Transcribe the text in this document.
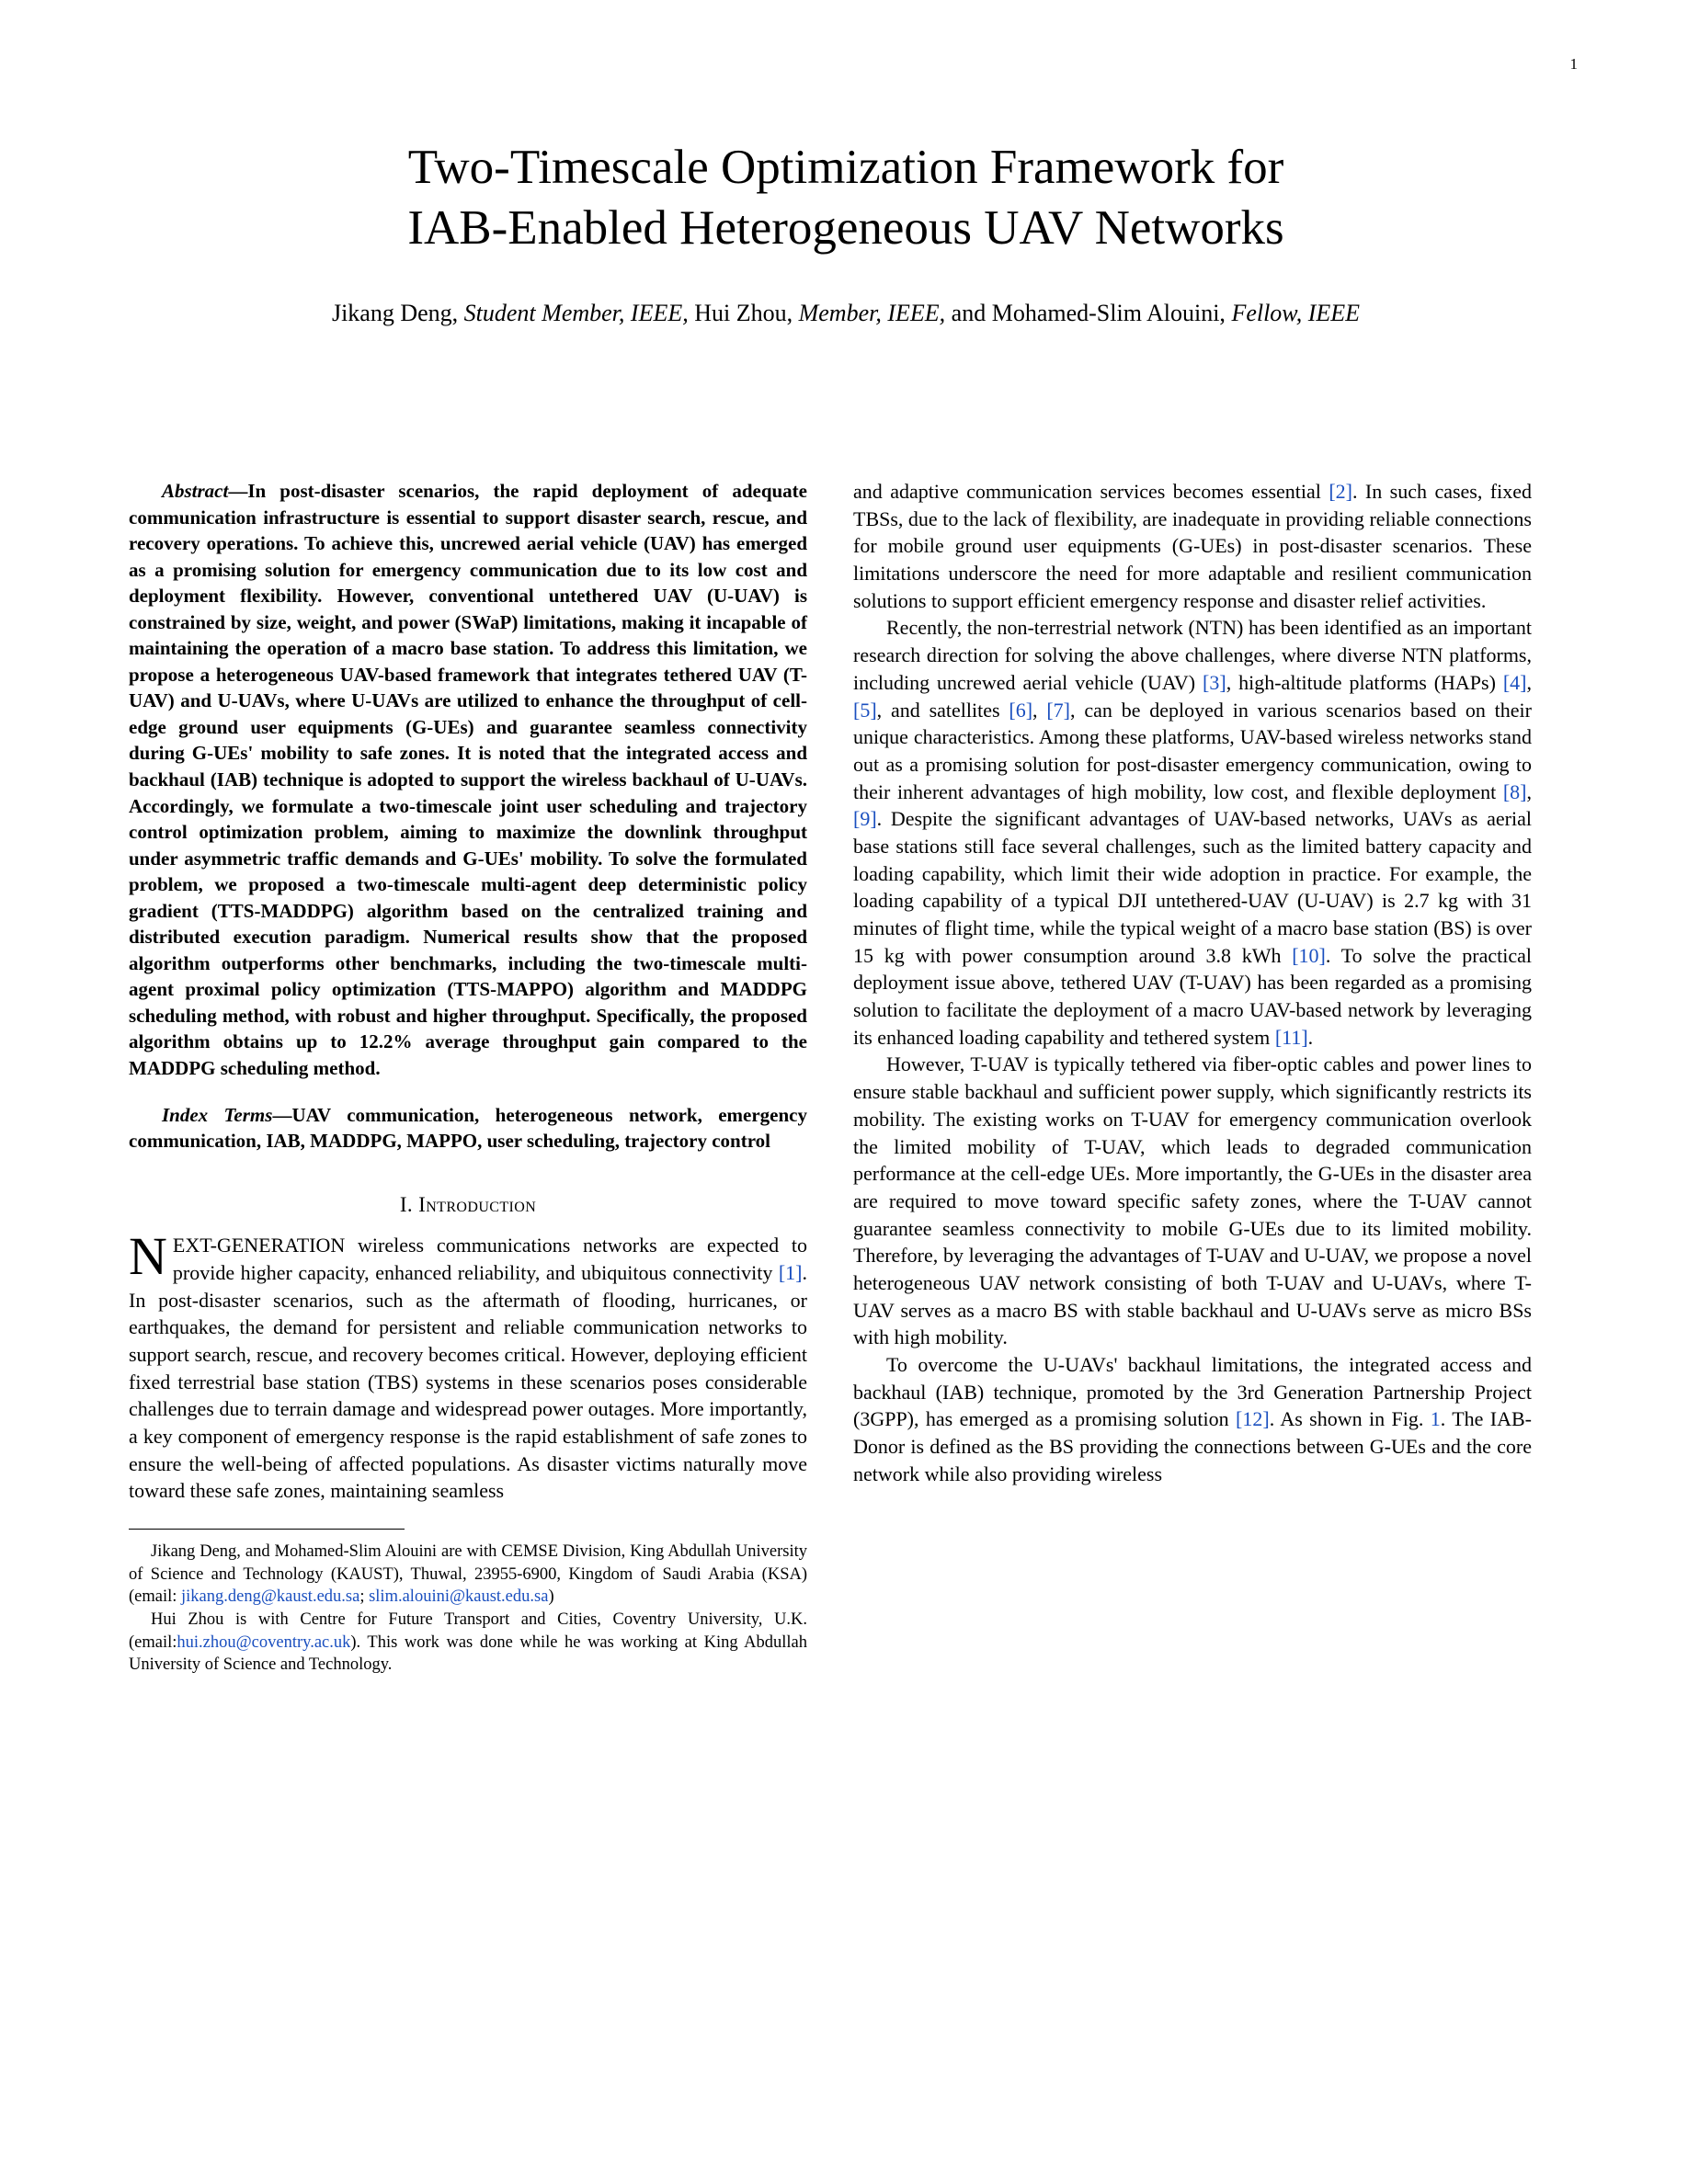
1
Two-Timescale Optimization Framework for
IAB-Enabled Heterogeneous UAV Networks
Jikang Deng, Student Member, IEEE, Hui Zhou, Member, IEEE, and Mohamed-Slim Alouini, Fellow, IEEE
Abstract—In post-disaster scenarios, the rapid deployment of adequate communication infrastructure is essential to support disaster search, rescue, and recovery operations. To achieve this, uncrewed aerial vehicle (UAV) has emerged as a promising solution for emergency communication due to its low cost and deployment flexibility. However, conventional untethered UAV (U-UAV) is constrained by size, weight, and power (SWaP) limitations, making it incapable of maintaining the operation of a macro base station. To address this limitation, we propose a heterogeneous UAV-based framework that integrates tethered UAV (T-UAV) and U-UAVs, where U-UAVs are utilized to enhance the throughput of cell-edge ground user equipments (G-UEs) and guarantee seamless connectivity during G-UEs' mobility to safe zones. It is noted that the integrated access and backhaul (IAB) technique is adopted to support the wireless backhaul of U-UAVs. Accordingly, we formulate a two-timescale joint user scheduling and trajectory control optimization problem, aiming to maximize the downlink throughput under asymmetric traffic demands and G-UEs' mobility. To solve the formulated problem, we proposed a two-timescale multi-agent deep deterministic policy gradient (TTS-MADDPG) algorithm based on the centralized training and distributed execution paradigm. Numerical results show that the proposed algorithm outperforms other benchmarks, including the two-timescale multi-agent proximal policy optimization (TTS-MAPPO) algorithm and MADDPG scheduling method, with robust and higher throughput. Specifically, the proposed algorithm obtains up to 12.2% average throughput gain compared to the MADDPG scheduling method.
Index Terms—UAV communication, heterogeneous network, emergency communication, IAB, MADDPG, MAPPO, user scheduling, trajectory control
I. Introduction

NEXT-GENERATION wireless communications networks are expected to provide higher capacity, enhanced reliability, and ubiquitous connectivity [1]. In post-disaster scenarios, such as the aftermath of flooding, hurricanes, or earthquakes, the demand for persistent and reliable communication networks to support search, rescue, and recovery becomes critical. However, deploying efficient fixed terrestrial base station (TBS) systems in these scenarios poses considerable challenges due to terrain damage and widespread power outages. More importantly, a key component of emergency response is the rapid establishment of safe zones to ensure the well-being of affected populations. As disaster victims naturally move toward these safe zones, maintaining seamless

Jikang Deng, and Mohamed-Slim Alouini are with CEMSE Division, King Abdullah University of Science and Technology (KAUST), Thuwal, 23955-6900, Kingdom of Saudi Arabia (KSA) (email: jikang.deng@kaust.edu.sa; slim.alouini@kaust.edu.sa)

Hui Zhou is with Centre for Future Transport and Cities, Coventry University, U.K. (email:hui.zhou@coventry.ac.uk). This work was done while he was working at King Abdullah University of Science and Technology.

and adaptive communication services becomes essential [2]. In such cases, fixed TBSs, due to the lack of flexibility, are inadequate in providing reliable connections for mobile ground user equipments (G-UEs) in post-disaster scenarios. These limitations underscore the need for more adaptable and resilient communication solutions to support efficient emergency response and disaster relief activities.

Recently, the non-terrestrial network (NTN) has been identified as an important research direction for solving the above challenges, where diverse NTN platforms, including uncrewed aerial vehicle (UAV) [3], high-altitude platforms (HAPs) [4], [5], and satellites [6], [7], can be deployed in various scenarios based on their unique characteristics. Among these platforms, UAV-based wireless networks stand out as a promising solution for post-disaster emergency communication, owing to their inherent advantages of high mobility, low cost, and flexible deployment [8], [9]. Despite the significant advantages of UAV-based networks, UAVs as aerial base stations still face several challenges, such as the limited battery capacity and loading capability, which limit their wide adoption in practice. For example, the loading capability of a typical DJI untethered-UAV (U-UAV) is 2.7 kg with 31 minutes of flight time, while the typical weight of a macro base station (BS) is over 15 kg with power consumption around 3.8 kWh [10]. To solve the practical deployment issue above, tethered UAV (T-UAV) has been regarded as a promising solution to facilitate the deployment of a macro UAV-based network by leveraging its enhanced loading capability and tethered system [11].

However, T-UAV is typically tethered via fiber-optic cables and power lines to ensure stable backhaul and sufficient power supply, which significantly restricts its mobility. The existing works on T-UAV for emergency communication overlook the limited mobility of T-UAV, which leads to degraded communication performance at the cell-edge UEs. More importantly, the G-UEs in the disaster area are required to move toward specific safety zones, where the T-UAV cannot guarantee seamless connectivity to mobile G-UEs due to its limited mobility. Therefore, by leveraging the advantages of T-UAV and U-UAV, we propose a novel heterogeneous UAV network consisting of both T-UAV and U-UAVs, where T-UAV serves as a macro BS with stable backhaul and U-UAVs serve as micro BSs with high mobility.

To overcome the U-UAVs' backhaul limitations, the integrated access and backhaul (IAB) technique, promoted by the 3rd Generation Partnership Project (3GPP), has emerged as a promising solution [12]. As shown in Fig. 1. The IAB-Donor is defined as the BS providing the connections between G-UEs and the core network while also providing wireless
